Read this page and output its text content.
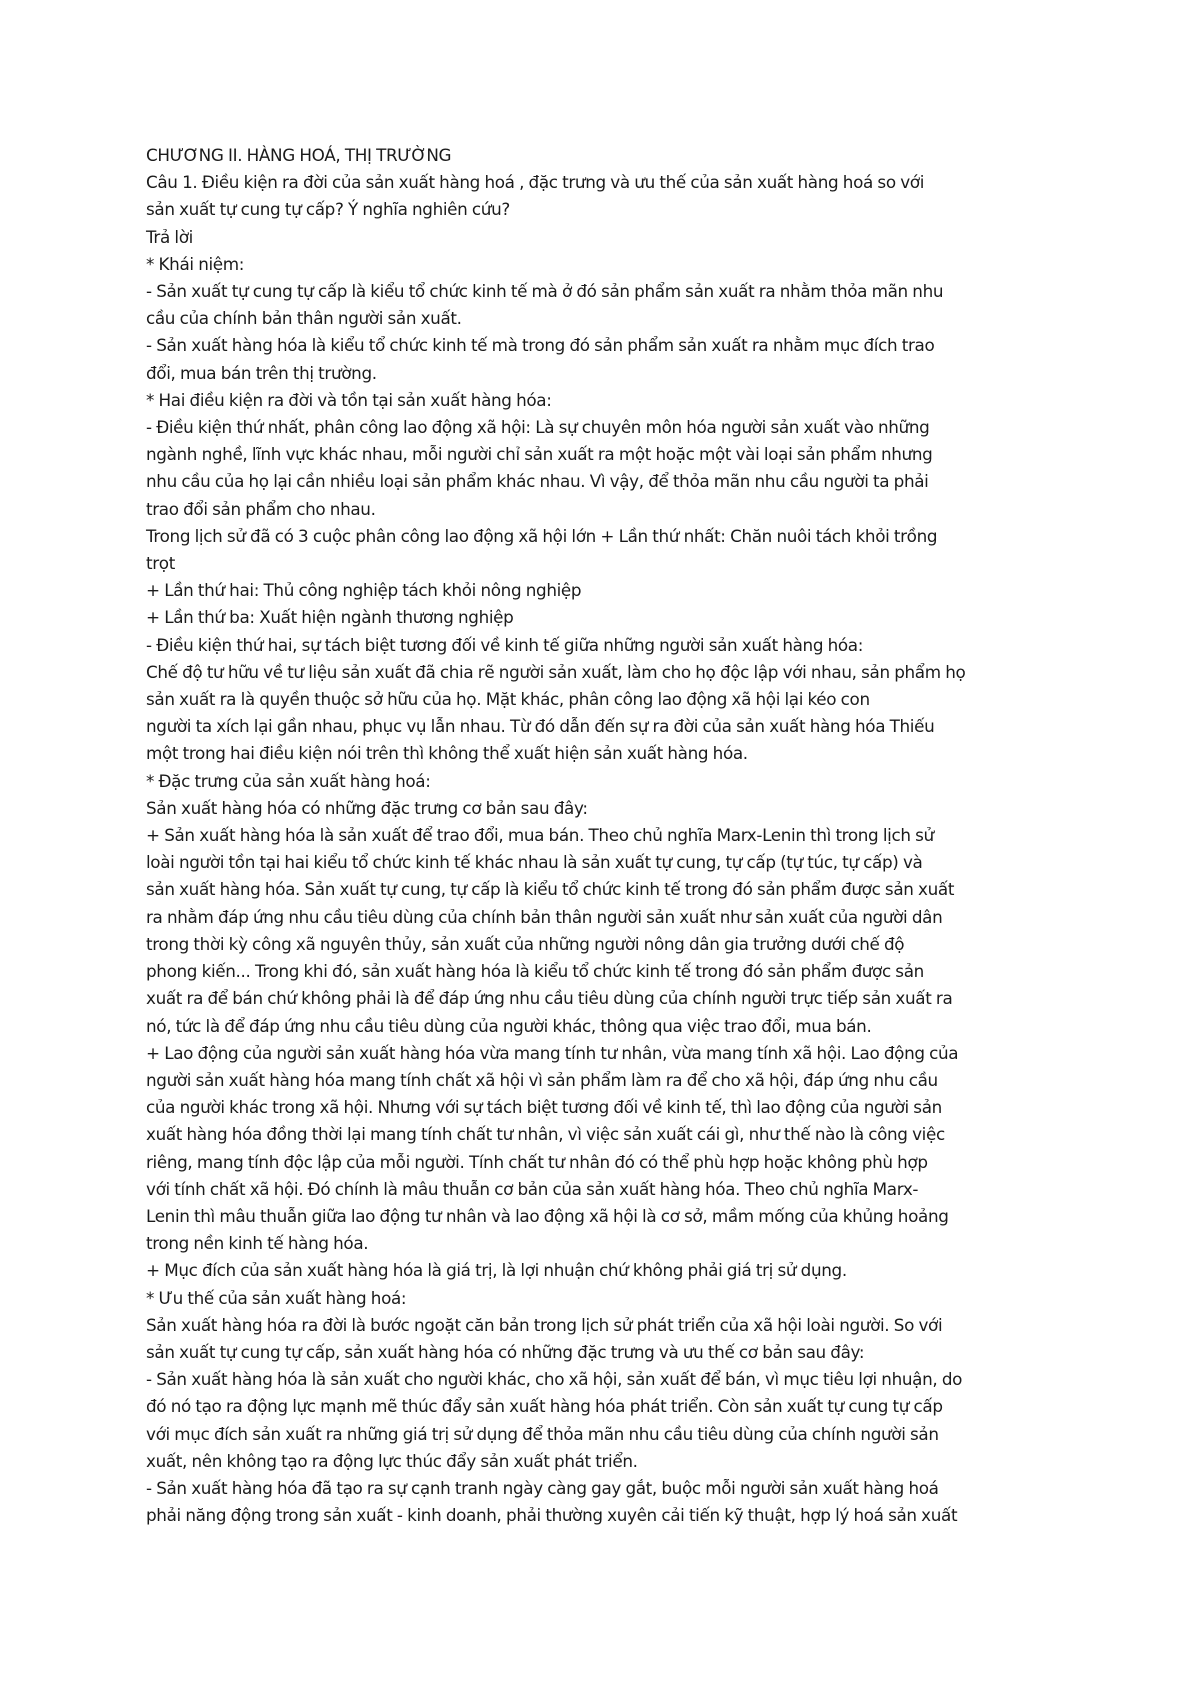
CHƯƠNG II. HÀNG HOÁ, THỊ TRƯỜNG
Câu 1. Điều kiện ra đời của sản xuất hàng hoá , đặc trưng và ưu thế của sản xuất hàng hoá so với
sản xuất tự cung tự cấp? Ý nghĩa nghiên cứu?
Trả lời
* Khái niệm:
- Sản xuất tự cung tự cấp là kiểu tổ chức kinh tế mà ở đó sản phẩm sản xuất ra nhằm thỏa mãn nhu
cầu của chính bản thân người sản xuất.
- Sản xuất hàng hóa là kiểu tổ chức kinh tế mà trong đó sản phẩm sản xuất ra nhằm mục đích trao
đổi, mua bán trên thị trường.
* Hai điều kiện ra đời và tồn tại sản xuất hàng hóa:
- Điều kiện thứ nhất, phân công lao động xã hội: Là sự chuyên môn hóa người sản xuất vào những
ngành nghề, lĩnh vực khác nhau, mỗi người chỉ sản xuất ra một hoặc một vài loại sản phẩm nhưng
nhu cầu của họ lại cần nhiều loại sản phẩm khác nhau. Vì vậy, để thỏa mãn nhu cầu người ta phải
trao đổi sản phẩm cho nhau.
Trong lịch sử đã có 3 cuộc phân công lao động xã hội lớn + Lần thứ nhất: Chăn nuôi tách khỏi trồng
trọt
+ Lần thứ hai: Thủ công nghiệp tách khỏi nông nghiệp
+ Lần thứ ba: Xuất hiện ngành thương nghiệp
- Điều kiện thứ hai, sự tách biệt tương đối về kinh tế giữa những người sản xuất hàng hóa:
Chế độ tư hữu về tư liệu sản xuất đã chia rẽ người sản xuất, làm cho họ độc lập với nhau, sản phẩm họ
sản xuất ra là quyền thuộc sở hữu của họ. Mặt khác, phân công lao động xã hội lại kéo con
người ta xích lại gần nhau, phục vụ lẫn nhau. Từ đó dẫn đến sự ra đời của sản xuất hàng hóa Thiếu
một trong hai điều kiện nói trên thì không thể xuất hiện sản xuất hàng hóa.
* Đặc trưng của sản xuất hàng hoá:
Sản xuất hàng hóa có những đặc trưng cơ bản sau đây:
+ Sản xuất hàng hóa là sản xuất để trao đổi, mua bán. Theo chủ nghĩa Marx-Lenin thì trong lịch sử
loài người tồn tại hai kiểu tổ chức kinh tế khác nhau là sản xuất tự cung, tự cấp (tự túc, tự cấp) và
sản xuất hàng hóa. Sản xuất tự cung, tự cấp là kiểu tổ chức kinh tế trong đó sản phẩm được sản xuất
ra nhằm đáp ứng nhu cầu tiêu dùng của chính bản thân người sản xuất như sản xuất của người dân
trong thời kỳ công xã nguyên thủy, sản xuất của những người nông dân gia trưởng dưới chế độ
phong kiến... Trong khi đó, sản xuất hàng hóa là kiểu tổ chức kinh tế trong đó sản phẩm được sản
xuất ra để bán chứ không phải là để đáp ứng nhu cầu tiêu dùng của chính người trực tiếp sản xuất ra
nó, tức là để đáp ứng nhu cầu tiêu dùng của người khác, thông qua việc trao đổi, mua bán.
+ Lao động của người sản xuất hàng hóa vừa mang tính tư nhân, vừa mang tính xã hội. Lao động của
người sản xuất hàng hóa mang tính chất xã hội vì sản phẩm làm ra để cho xã hội, đáp ứng nhu cầu
của người khác trong xã hội. Nhưng với sự tách biệt tương đối về kinh tế, thì lao động của người sản
xuất hàng hóa đồng thời lại mang tính chất tư nhân, vì việc sản xuất cái gì, như thế nào là công việc
riêng, mang tính độc lập của mỗi người. Tính chất tư nhân đó có thể phù hợp hoặc không phù hợp
với tính chất xã hội. Đó chính là mâu thuẫn cơ bản của sản xuất hàng hóa. Theo chủ nghĩa Marx-
Lenin thì mâu thuẫn giữa lao động tư nhân và lao động xã hội là cơ sở, mầm mống của khủng hoảng
trong nền kinh tế hàng hóa.
+ Mục đích của sản xuất hàng hóa là giá trị, là lợi nhuận chứ không phải giá trị sử dụng.
* Ưu thế của sản xuất hàng hoá:
Sản xuất hàng hóa ra đời là bước ngoặt căn bản trong lịch sử phát triển của xã hội loài người. So với
sản xuất tự cung tự cấp, sản xuất hàng hóa có những đặc trưng và ưu thế cơ bản sau đây:
- Sản xuất hàng hóa là sản xuất cho người khác, cho xã hội, sản xuất để bán, vì mục tiêu lợi nhuận, do
đó nó tạo ra động lực mạnh mẽ thúc đẩy sản xuất hàng hóa phát triển. Còn sản xuất tự cung tự cấp
với mục đích sản xuất ra những giá trị sử dụng để thỏa mãn nhu cầu tiêu dùng của chính người sản
xuất, nên không tạo ra động lực thúc đẩy sản xuất phát triển.
- Sản xuất hàng hóa đã tạo ra sự cạnh tranh ngày càng gay gắt, buộc mỗi người sản xuất hàng hoá
phải năng động trong sản xuất - kinh doanh, phải thường xuyên cải tiến kỹ thuật, hợp lý hoá sản xuất
